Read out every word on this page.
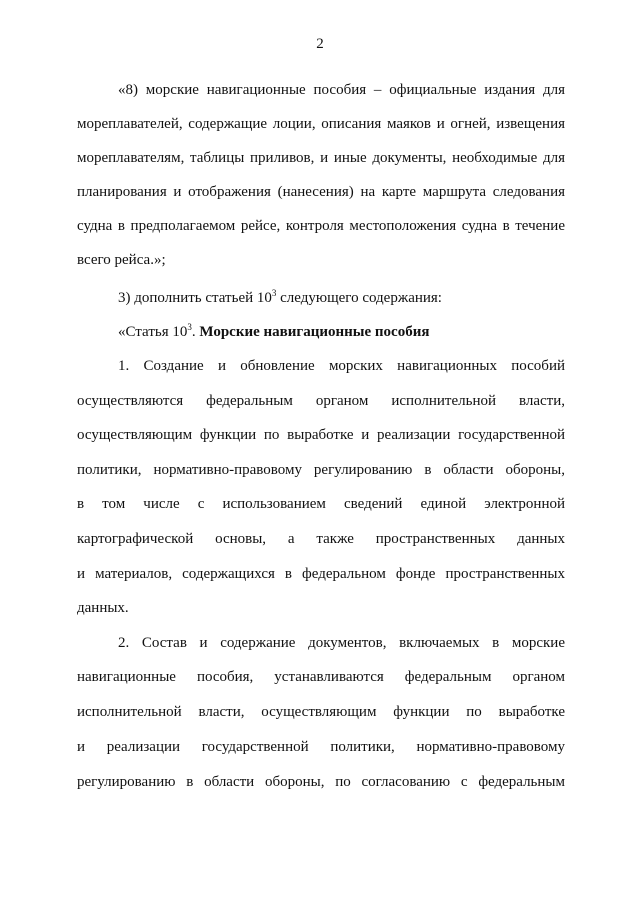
2
«8) морские навигационные пособия – официальные издания для
мореплавателей, содержащие лоции, описания маяков и огней, извещения
мореплавателям, таблицы приливов, и иные документы, необходимые для
планирования и отображения (нанесения) на карте маршрута следования
судна в предполагаемом рейсе, контроля местоположения судна в течение
всего рейса.»;
3) дополнить статьей $10^3$ следующего содержания:
«Статья $10^3$. Морские навигационные пособия
1. Создание и обновление морских навигационных пособий
осуществляются федеральным органом исполнительной власти,
осуществляющим функции по выработке и реализации государственной
политики, нормативно-правовому регулированию в области обороны,
в том числе с использованием сведений единой электронной
картографической основы, а также пространственных данных
и материалов, содержащихся в федеральном фонде пространственных
данных.
2. Состав и содержание документов, включаемых в морские
навигационные пособия, устанавливаются федеральным органом
исполнительной власти, осуществляющим функции по выработке
и реализации государственной политики, нормативно-правовому
регулированию в области обороны, по согласованию с федеральным
